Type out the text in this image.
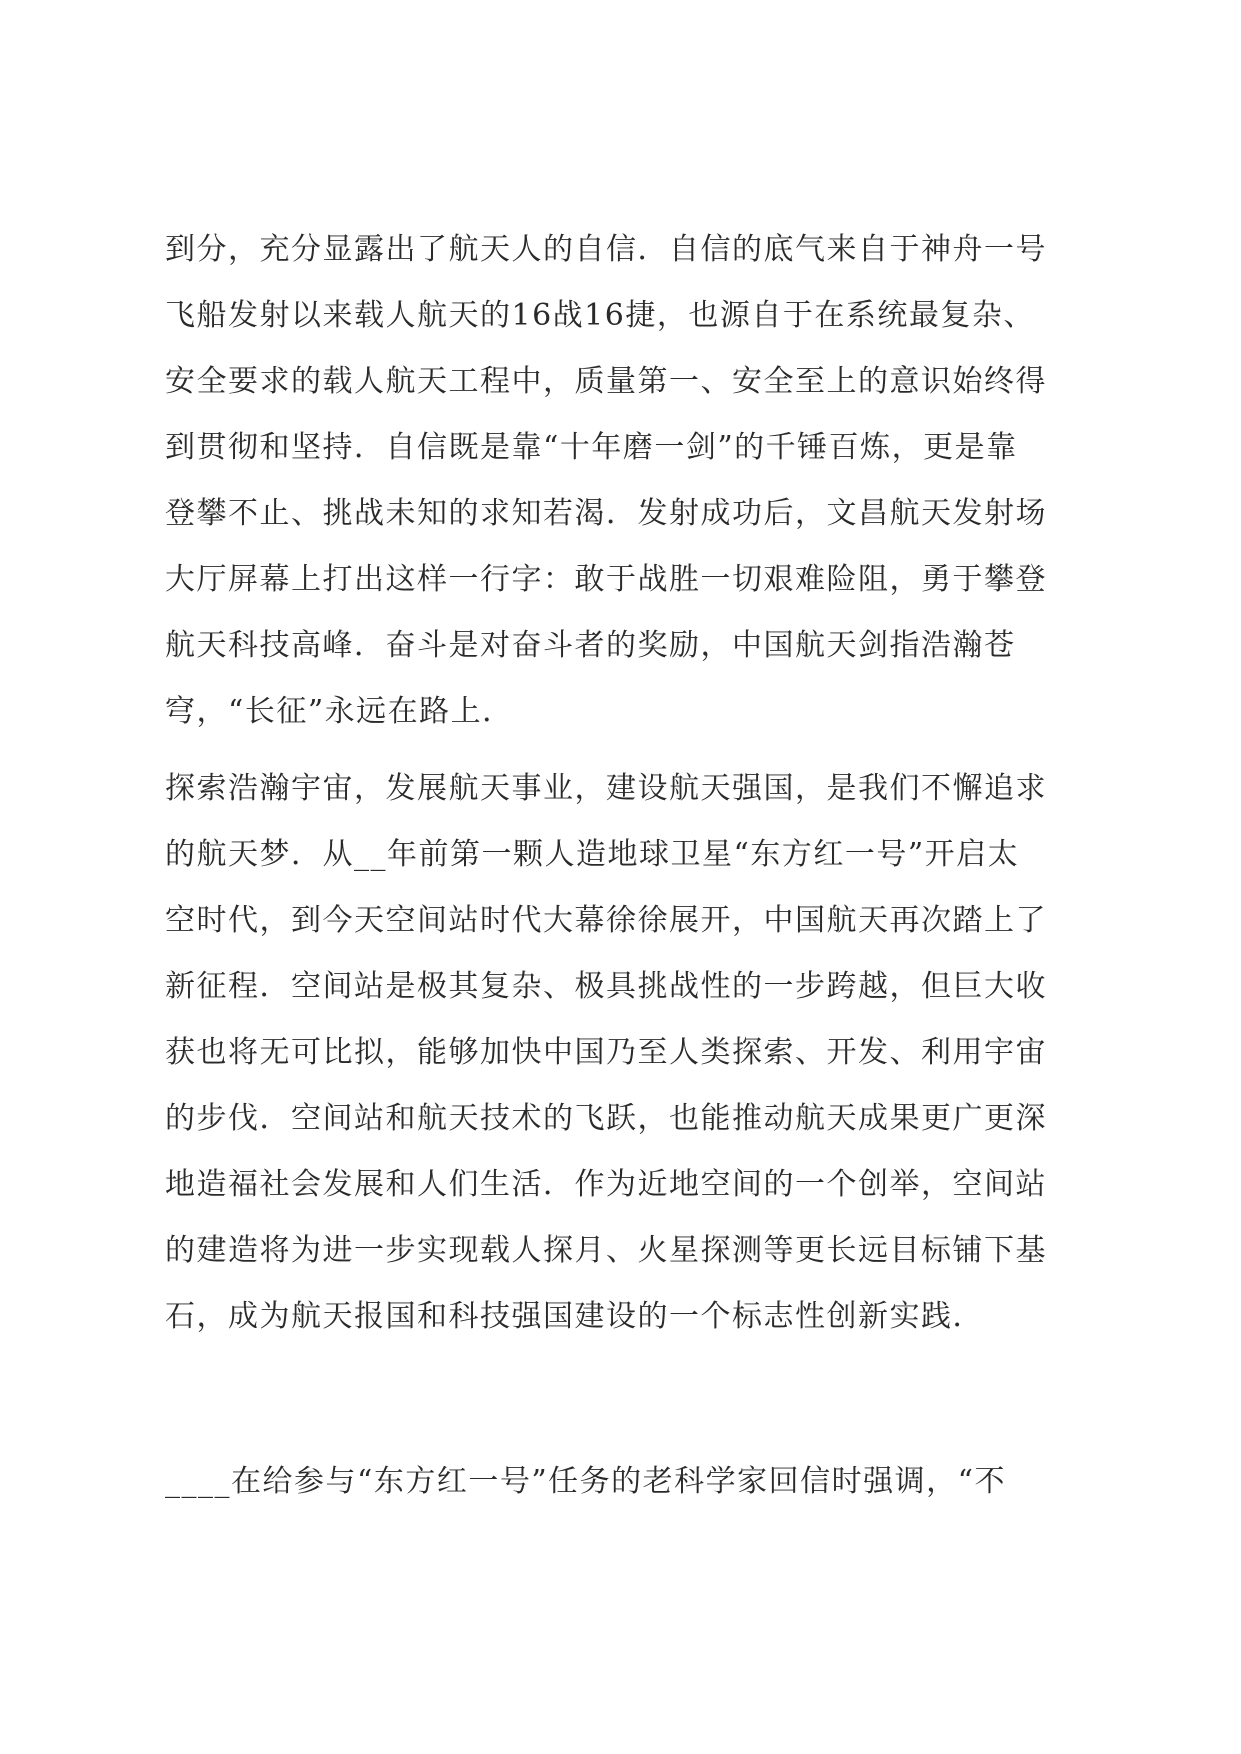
到分，充分显露出了航天人的自信．自信的底气来自于神舟一号
飞船发射以来载人航天的16战16捷，也源自于在系统最复杂、
安全要求的载人航天工程中，质量第一、安全至上的意识始终得
到贯彻和坚持．自信既是靠“十年磨一剑”的千锤百炼，更是靠
登攀不止、挑战未知的求知若渴．发射成功后，文昌航天发射场
大厅屏幕上打出这样一行字：敢于战胜一切艰难险阻，勇于攀登
航天科技高峰．奋斗是对奋斗者的奖励，中国航天剑指浩瀚苍
穹，“长征”永远在路上．
探索浩瀚宇宙，发展航天事业，建设航天强国，是我们不懈追求
的航天梦．从__年前第一颗人造地球卫星“东方红一号”开启太
空时代，到今天空间站时代大幕徐徐展开，中国航天再次踏上了
新征程．空间站是极其复杂、极具挑战性的一步跨越，但巨大收
获也将无可比拟，能够加快中国乃至人类探索、开发、利用宇宙
的步伐．空间站和航天技术的飞跃，也能推动航天成果更广更深
地造福社会发展和人们生活．作为近地空间的一个创举，空间站
的建造将为进一步实现载人探月、火星探测等更长远目标铺下基
石，成为航天报国和科技强国建设的一个标志性创新实践．
____在给参与“东方红一号”任务的老科学家回信时强调，“不
